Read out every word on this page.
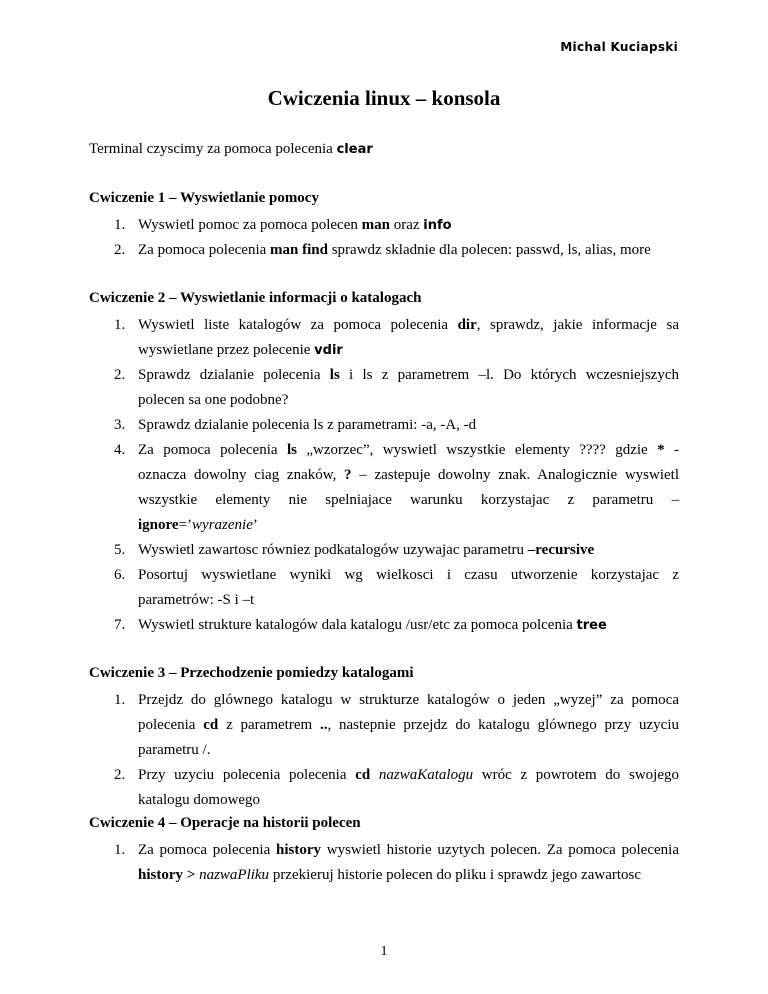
Michal Kuciapski
Cwiczenia linux – konsola
Terminal czyscimy za pomoca polecenia clear
Cwiczenie 1 – Wyswietlanie pomocy
1. Wyswietl pomoc za pomoca polecen man oraz info
2. Za pomoca polecenia man find sprawdz skladnie dla polecen: passwd, ls, alias, more
Cwiczenie 2 – Wyswietlanie informacji o katalogach
1. Wyswietl liste katalogów za pomoca polecenia dir, sprawdz, jakie informacje sa
wyswietlane przez polecenie vdir
2. Sprawdz dzialanie polecenia ls i ls z parametrem –l. Do których wczesniejszych
polecen sa one podobne?
3. Sprawdz dzialanie polecenia ls z parametrami: -a, -A, -d
4. Za pomoca polecenia ls „wzorzec”, wyswietl wszystkie elementy ???? gdzie * -
oznacza dowolny ciag znaków, ? – zastepuje dowolny znak. Analogicznie wyswietl
wszystkie elementy nie spelniajace warunku korzystajac z parametru –
ignore=’wyrazenie’
5. Wyswietl zawartosc równiez podkatalogów uzywajac parametru –recursive
6. Posortuj wyswietlane wyniki wg wielkosci i czasu utworzenie korzystajac z
parametrów: -S i –t
7. Wyswietl strukture katalogów dala katalogu /usr/etc za pomoca polcenia tree
Cwiczenie 3 – Przechodzenie pomiedzy katalogami
1. Przejdz do glównego katalogu w strukturze katalogów o jeden „wyzej” za pomoca
polecenia cd z parametrem .., nastepnie przejdz do katalogu glównego przy uzyciu
parametru /.
2. Przy uzyciu polecenia polecenia cd nazwaKatalogu wróc z powrotem do swojego
katalogu domowego
Cwiczenie 4 – Operacje na historii polecen
1. Za pomoca polecenia history wyswietl historie uzytych polecen. Za pomoca polecenia
history > nazwaPliku przekieruj historie polecen do pliku i sprawdz jego zawartosc
1
